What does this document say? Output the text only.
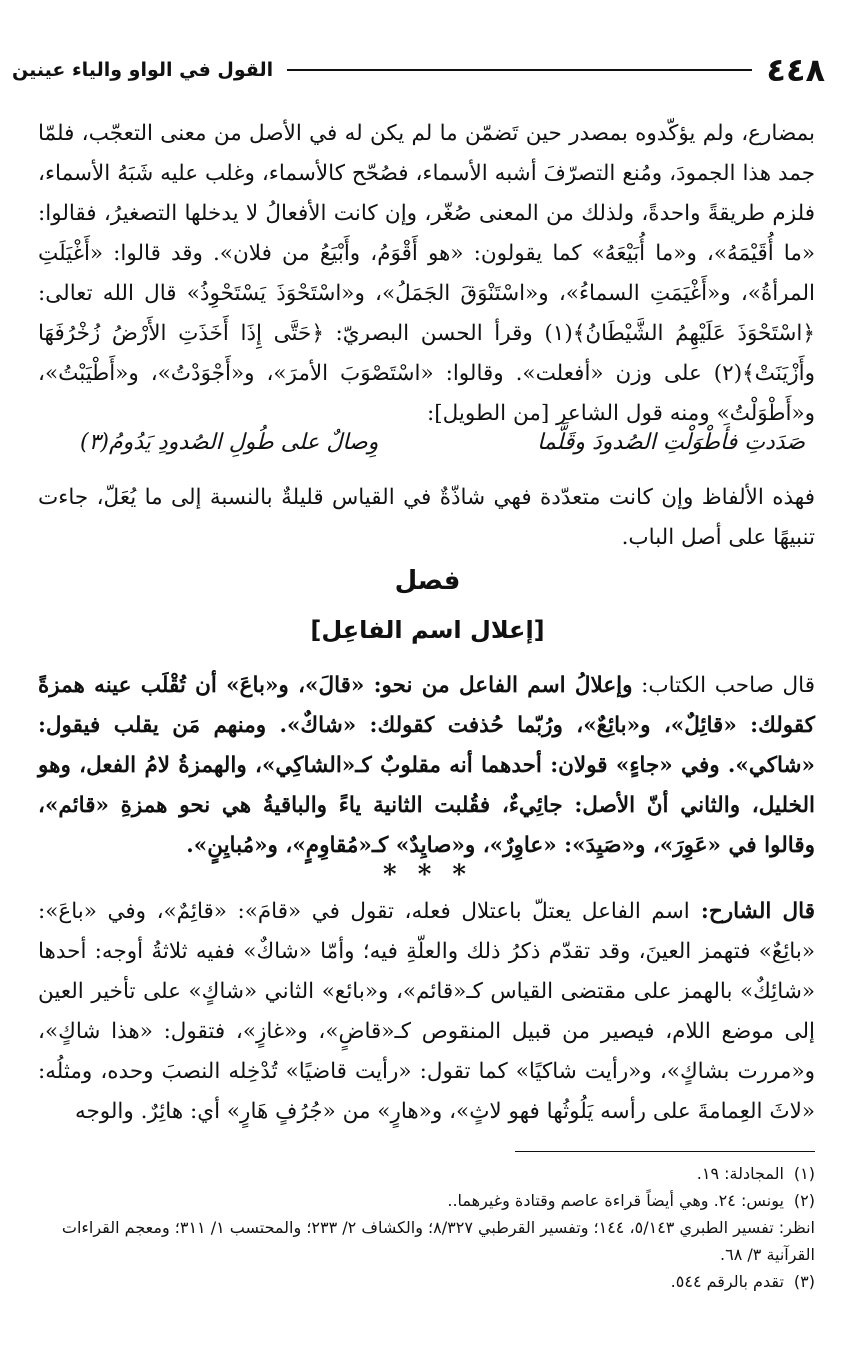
٤٤٨
القول في الواو والياء عينين

بمضارع، ولم يؤكّدوه بمصدر حين تَضمّن ما لم يكن له في الأصل من معنى التعجّب، فلمّا جمد هذا الجمودَ، ومُنع التصرّفَ أشبه الأسماء، فصُحّح كالأسماء، وغلب عليه شَبَهُ الأسماء، فلزم طريقةً واحدةً، ولذلك من المعنى صُغّر، وإن كانت الأفعالُ لا يدخلها التصغيرُ، فقالوا: «ما أُقَيْمَهُ»، و«ما أُبَيْعَهُ» كما يقولون: «هو أَقْوَمُ، وأَبْيَعُ من فلان». وقد قالوا: «أَغْيَلَتِ المرأةُ»، و«أَغْيَمَتِ السماءُ»، و«اسْتَنْوَقَ الجَمَلُ»، و«اسْتَحْوَذَ يَسْتَحْوِذُ» قال الله تعالى: ﴿اسْتَحْوَذَ عَلَيْهِمُ الشَّيْطَانُ﴾(١) وقرأ الحسن البصريّ: ﴿حَتَّى إِذَا أَخَذَتِ الأَرْضُ زُخْرُفَهَا وأَزْيَنَتْ﴾(٢) على وزن «أفعلت». وقالوا: «اسْتَصْوَبَ الأمرَ»، و«أَجْوَدْتُ»، و«أَطْيَبْتُ»، و«أَطْوَلْتُ» ومنه قول الشاعر [من الطويل]:

صَدَدتِ فأَطْوَلْتِ الصُدودَ وقَلَّما
وِصالٌ على طُولِ الصُدودِ يَدُومُ(٣)

فهذه الألفاظ وإن كانت متعدّدة فهي شاذّةٌ في القياس قليلةٌ بالنسبة إلى ما يُعَلّ، جاءت تنبيهًا على أصل الباب.

فصل
[إعلال اسم الفاعِل]

قال صاحب الكتاب: وإعلالُ اسم الفاعل من نحو: «قالَ»، و«باعَ» أن تُقْلَب عينه همزةً كقولك: «قائِلٌ»، و«بائِعٌ»، ورُبّما حُذفت كقولك: «شاكٌ». ومنهم مَن يقلب فيقول: «شاكي». وفي «جاءٍ» قولان: أحدهما أنه مقلوبٌ كـ«الشاكِي»، والهمزةُ لامُ الفعل، وهو الخليل، والثاني أنّ الأصل: جائِيءٌ، فقُلبت الثانية ياءً والباقيةُ هي نحو همزةِ «قائم»، وقالوا في «عَوِرَ»، و«صَيِدَ»: «عاوِرٌ»، و«صايِدٌ» كـ«مُقاوِمٍ»، و«مُبايِنٍ».

* * *

قال الشارح: اسم الفاعل يعتلّ باعتلال فعله، تقول في «قامَ»: «قائِمٌ»، وفي «باعَ»: «بائِعٌ» فتهمز العينَ، وقد تقدّم ذكرُ ذلك والعلّةِ فيه؛ وأمّا «شاكٌ» ففيه ثلاثةُ أوجه: أحدها «شائِكٌ» بالهمز على مقتضى القياس كـ«قائم»، و«بائع» الثاني «شاكٍ» على تأخير العين إلى موضع اللام، فيصير من قبيل المنقوص كـ«قاضٍ»، و«غازٍ»، فتقول: «هذا شاكٍ»، و«مررت بشاكٍ»، و«رأيت شاكيًا» كما تقول: «رأيت قاضيًا» تُدْخِله النصبَ وحده، ومثلُه: «لاثَ العِمامةَ على رأسه يَلُوثُها فهو لاثٍ»، و«هارٍ» من «جُرُفٍ هَارٍ» أي: هائِرٌ. والوجه

(١)المجادلة: ١٩.

(٢)يونس: ٢٤. وهي أيضاً قراءة عاصم وقتادة وغيرهما..

انظر: تفسير الطبري ٥/١٤٣، ١٤٤؛ وتفسير القرطبي ٨/٣٢٧؛ والكشاف ٢/ ٢٣٣؛ والمحتسب ١/ ٣١١؛ ومعجم القراءات القرآنية ٣/ ٦٨.

(٣)تقدم بالرقم ٥٤٤.
